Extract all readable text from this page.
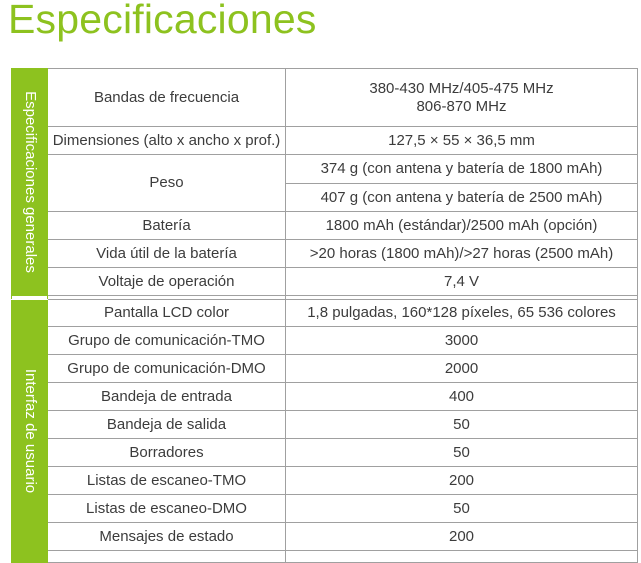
Especificaciones
Especificaciones generales	Bandas de frecuencia	380-430 MHz/405-475 MHz
806-870 MHz

	Dimensiones (alto x ancho x prof.)	127,5 × 55 × 36,5 mm
	Peso	374 g (con antena y batería de 1800 mAh)
		407 g (con antena y batería de 2500 mAh)
	Batería	1800 mAh (estándar)/2500 mAh (opción)
	Vida útil de la batería	>20 horas (1800 mAh)/>27 horas (2500 mAh)
	Voltaje de operación	7,4 V

Interfaz de usuario	Pantalla LCD color	1,8 pulgadas, 160*128 píxeles, 65 536 colores
	Grupo de comunicación-TMO	3000
	Grupo de comunicación-DMO	2000
	Bandeja de entrada	400
	Bandeja de salida	50
	Borradores	50
	Listas de escaneo-TMO	200
	Listas de escaneo-DMO	50
	Mensajes de estado	200
